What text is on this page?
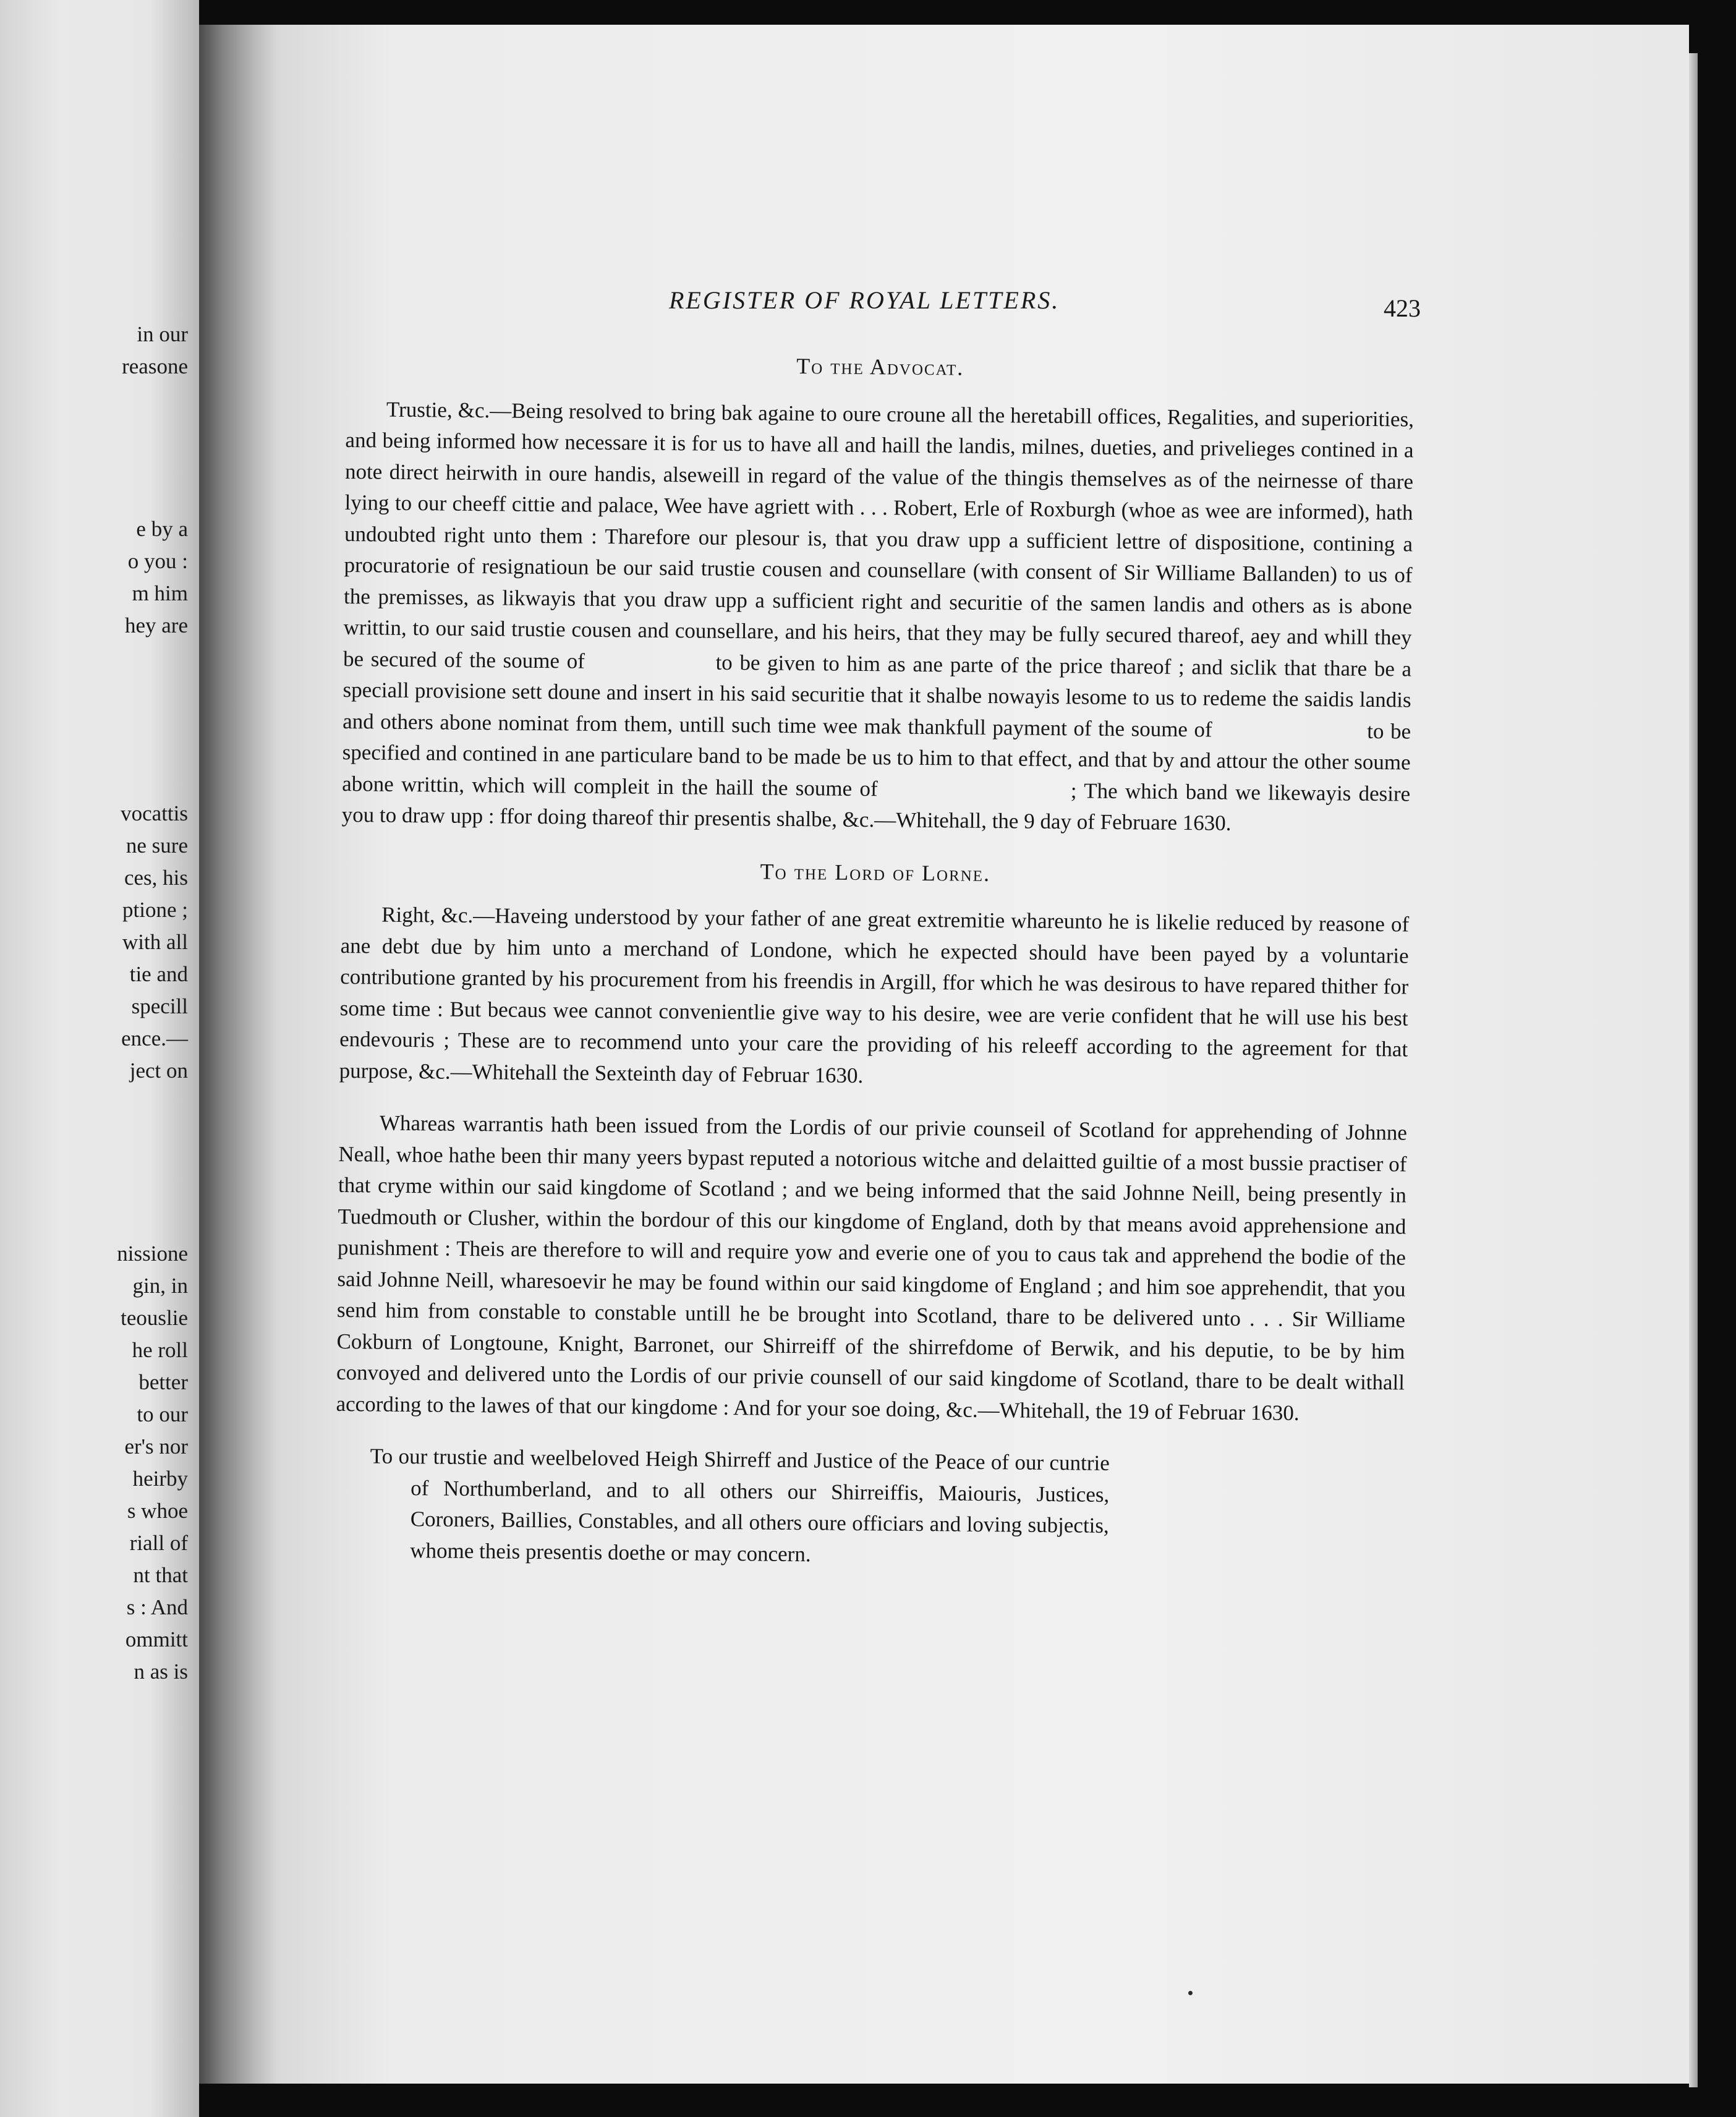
in our
reasone
e by a
o you :
m him
hey are
vocattis
ne sure
ces, his
ptione ;
with all
tie and
specill
ence.—
ject on
nissione
gin, in
teouslie
he roll
better
to our
er's nor
heirby
s whoe
riall of
nt that
s : And
ommitt
n as is
REGISTER OF ROYAL LETTERS.	423
To the Advocat.

Trustie, &c.—Being resolved to bring bak againe to oure croune all the heretabill offices, Regalities, and superiorities, and being informed how necessare it is for us to have all and haill the landis, milnes, dueties, and privelieges contined in a note direct heirwith in oure handis, alseweill in regard of the value of the thingis themselves as of the neirnesse of thare lying to our cheeff cittie and palace, Wee have agriett with . . . Robert, Erle of Roxburgh (whoe as wee are informed), hath undoubted right unto them : Tharefore our plesour is, that you draw upp a sufficient lettre of dispositione, contining a procuratorie of resignatioun be our said trustie cousen and counsellare (with consent of Sir Williame Ballanden) to us of the premisses, as likwayis that you draw upp a sufficient right and securitie of the samen landis and others as is abone writtin, to our said trustie cousen and counsellare, and his heirs, that they may be fully secured thareof, aey and whill they be secured of the soume of	to be given to him as ane parte of the price thareof ; and siclik that thare be a speciall provisione sett doune and insert in his said securitie that it shalbe nowayis lesome to us to redeme the saidis landis and others abone nominat from them, untill such time wee mak thankfull payment of the soume of	to be specified and contined in ane particulare band to be made be us to him to that effect, and that by and attour the other soume abone writtin, which will compleit in the haill the soume of	; The which band we likewayis desire you to draw upp : ffor doing thareof thir presentis shalbe, &c.—Whitehall, the 9 day of Februare 1630.

To the Lord of Lorne.

Right, &c.—Haveing understood by your father of ane great extremitie whareunto he is likelie reduced by reasone of ane debt due by him unto a merchand of Londone, which he expected should have been payed by a voluntarie contributione granted by his procurement from his freendis in Argill, ffor which he was desirous to have repared thither for some time : But becaus wee cannot convenientlie give way to his desire, wee are verie confident that he will use his best endevouris ; These are to recommend unto your care the providing of his releeff according to the agreement for that purpose, &c.—Whitehall the Sexteinth day of Februar 1630.

Whareas warrantis hath been issued from the Lordis of our privie counseil of Scotland for apprehending of Johnne Neall, whoe hathe been thir many yeers bypast reputed a notorious witche and delaitted guiltie of a most bussie practiser of that cryme within our said kingdome of Scotland ; and we being informed that the said Johnne Neill, being presently in Tuedmouth or Clusher, within the bordour of this our kingdome of England, doth by that means avoid apprehensione and punishment : Theis are therefore to will and require yow and everie one of you to caus tak and apprehend the bodie of the said Johnne Neill, wharesoevir he may be found within our said kingdome of England ; and him soe apprehendit, that you send him from constable to constable untill he be brought into Scotland, thare to be delivered unto . . . Sir Williame Cokburn of Longtoune, Knight, Barronet, our Shirreiff of the shirrefdome of Berwik, and his deputie, to be by him convoyed and delivered unto the Lordis of our privie counsell of our said kingdome of Scotland, thare to be dealt withall according to the lawes of that our kingdome : And for your soe doing, &c.—Whitehall, the 19 of Februar 1630.

To our trustie and weelbeloved Heigh Shirreff and Justice of the Peace of our cuntrie of Northumberland, and to all others our Shirreiffis, Maiouris, Justices, Coroners, Baillies, Constables, and all others oure officiars and loving subjectis, whome theis presentis doethe or may concern.
